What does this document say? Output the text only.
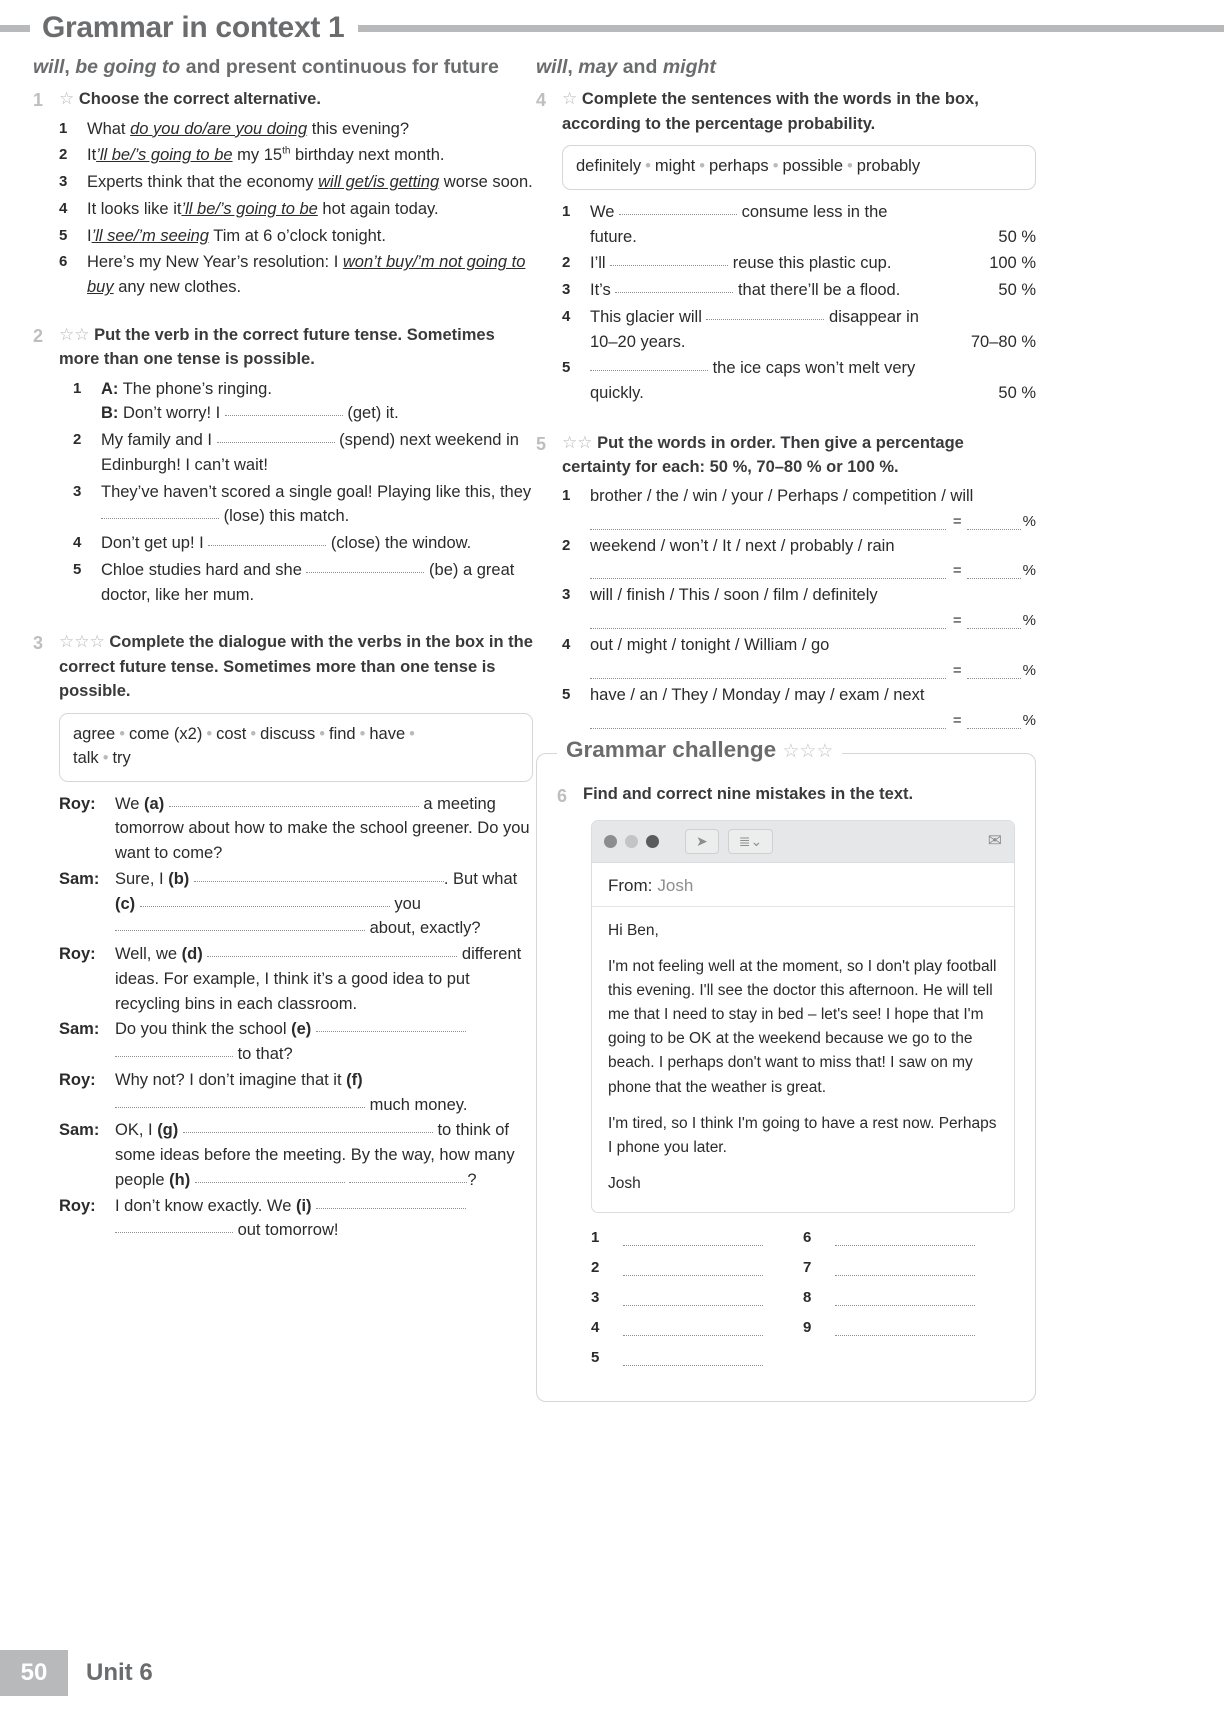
Grammar in context 1
will, be going to and present continuous for future
1 ☆ Choose the correct alternative.
1	What do you do/are you doing this evening?
2	It’ll be/’s going to be my 15th birthday next month.
3	Experts think that the economy will get/is getting worse soon.
4	It looks like it’ll be/’s going to be hot again today.
5	I’ll see/’m seeing Tim at 6 o’clock tonight.
6	Here’s my New Year’s resolution: I won’t buy/’m not going to buy any new clothes.
2 ☆☆ Put the verb in the correct future tense. Sometimes more than one tense is possible.
1	A: The phone’s ringing.
B: Don’t worry! I	(get) it.
2	My family and I	(spend) next weekend in Edinburgh! I can’t wait!
3	They’ve haven’t scored a single goal! Playing like this, they  (lose) this match.
4	Don’t get up! I	(close) the window.
5	Chloe studies hard and she	(be) a great doctor, like her mum.
3 ☆☆☆ Complete the dialogue with the verbs in the box in the correct future tense. Sometimes more than one tense is possible.
agree • come (x2) • cost • discuss • find • have •
talk • try
Roy:	We (a)	a meeting tomorrow about how to make the school greener. Do you want to come?
Sam: Sure, I (b)	. But what (c)	you  about, exactly?
Roy:	Well, we (d)	different ideas. For example, I think it’s a good idea to put recycling bins in each classroom.
Sam: Do you think the school (e)   to that?
Roy:	Why not? I don’t imagine that it (f)  much money.
Sam: OK, I (g)	to think of some ideas before the meeting. By the way, how many people (h)	?
Roy:	I don’t know exactly. We (i)   out tomorrow!
will, may and might
4 ☆ Complete the sentences with the words in the box, according to the percentage probability.
definitely • might • perhaps • possible • probably
1	We	consume less in the future.	50 %
2	I’ll	reuse this plastic cup.	100 %
3	It’s	that there’ll be a flood.	50 %
4	This glacier will	disappear in 10–20 years.	70–80 %
5	the ice caps won’t melt very quickly.	50 %
5 ☆☆ Put the words in order. Then give a percentage certainty for each: 50 %, 70–80 % or 100 %.
1	brother / the / win / your / Perhaps / competition / will
=	%
2	weekend / won’t / It / next / probably / rain
=	%
3	will / finish / This / soon / film / definitely
=	%
4	out / might / tonight / William / go
=	%
5	have / an / They / Monday / may / exam / next
=	%
Grammar challenge ☆☆☆
6 Find and correct nine mistakes in the text.
➤	≣⌄	✉
From: Josh

Hi Ben,

I'm not feeling well at the moment, so I don't play football this evening. I'll see the doctor this afternoon. He will tell me that I need to stay in bed – let's see! I hope that I'm going to be OK at the weekend because we go to the beach. I perhaps don't want to miss that! I saw on my phone that the weather is great.

I'm tired, so I think I'm going to have a rest now. Perhaps I phone you later.

Josh

1
2
3
4
5
6
7
8
9
50	Unit 6
